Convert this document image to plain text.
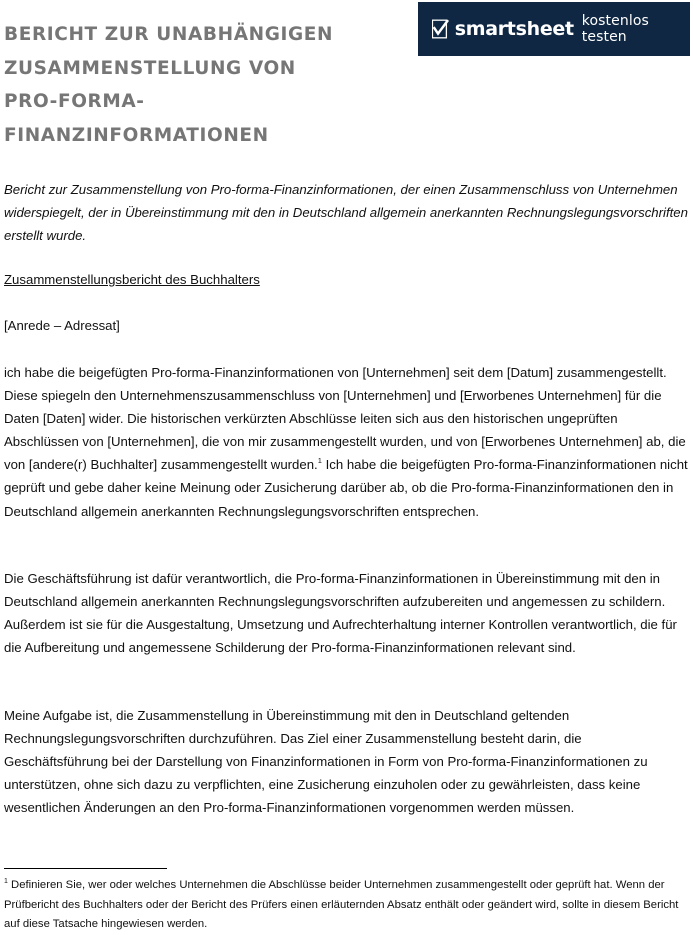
BERICHT ZUR UNABHÄNGIGEN
ZUSAMMENSTELLUNG VON
PRO-FORMA-
FINANZINFORMATIONEN
smartsheet kostenlos testen

Bericht zur Zusammenstellung von Pro-forma-Finanzinformationen, der einen Zusammenschluss von Unternehmen widerspiegelt, der in Übereinstimmung mit den in Deutschland allgemein anerkannten Rechnungslegungsvorschriften erstellt wurde.

Zusammenstellungsbericht des Buchhalters

[Anrede – Adressat]

ich habe die beigefügten Pro-forma-Finanzinformationen von [Unternehmen] seit dem [Datum] zusammengestellt. Diese spiegeln den Unternehmenszusammenschluss von [Unternehmen] und [Erworbenes Unternehmen] für die Daten [Daten] wider. Die historischen verkürzten Abschlüsse leiten sich aus den historischen ungeprüften Abschlüssen von [Unternehmen], die von mir zusammengestellt wurden, und von [Erworbenes Unternehmen] ab, die von [andere(r) Buchhalter] zusammengestellt wurden.$^1$ Ich habe die beigefügten Pro-forma-Finanzinformationen nicht geprüft und gebe daher keine Meinung oder Zusicherung darüber ab, ob die Pro-forma-Finanzinformationen den in Deutschland allgemein anerkannten Rechnungslegungsvorschriften entsprechen.

Die Geschäftsführung ist dafür verantwortlich, die Pro-forma-Finanzinformationen in Übereinstimmung mit den in Deutschland allgemein anerkannten Rechnungslegungsvorschriften aufzubereiten und angemessen zu schildern. Außerdem ist sie für die Ausgestaltung, Umsetzung und Aufrechterhaltung interner Kontrollen verantwortlich, die für die Aufbereitung und angemessene Schilderung der Pro-forma-Finanzinformationen relevant sind.

Meine Aufgabe ist, die Zusammenstellung in Übereinstimmung mit den in Deutschland geltenden Rechnungslegungsvorschriften durchzuführen. Das Ziel einer Zusammenstellung besteht darin, die Geschäftsführung bei der Darstellung von Finanzinformationen in Form von Pro-forma-Finanzinformationen zu unterstützen, ohne sich dazu zu verpflichten, eine Zusicherung einzuholen oder zu gewährleisten, dass keine wesentlichen Änderungen an den Pro-forma-Finanzinformationen vorgenommen werden müssen.

$^1$ Definieren Sie, wer oder welches Unternehmen die Abschlüsse beider Unternehmen zusammengestellt oder geprüft hat. Wenn der Prüfbericht des Buchhalters oder der Bericht des Prüfers einen erläuternden Absatz enthält oder geändert wird, sollte in diesem Bericht auf diese Tatsache hingewiesen werden.
